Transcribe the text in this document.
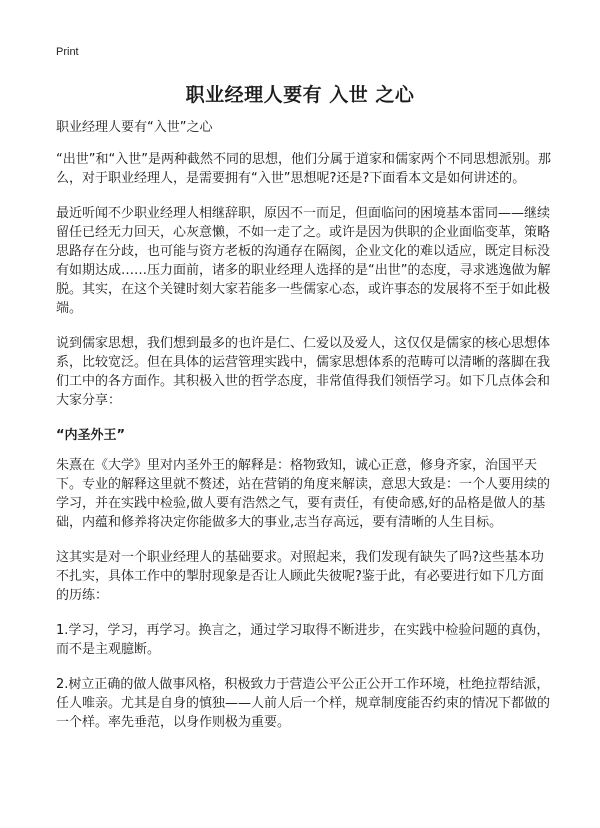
Print
职业经理人要有 入世 之心

职业经理人要有“入世”之心

“出世”和“入世”是两种截然不同的思想，他们分属于道家和儒家两个不同思想派别。那么，对于职业经理人，是需要拥有“入世”思想呢?还是?下面看本文是如何讲述的。

最近听闻不少职业经理人相继辞职，原因不一而足，但面临问的困境基本雷同——继续留任已经无力回天，心灰意懒，不如一走了之。或许是因为供职的企业面临变革，策略思路存在分歧，也可能与资方老板的沟通存在隔阂，企业文化的难以适应，既定目标没有如期达成……压力面前，诸多的职业经理人选择的是“出世”的态度，寻求逃逸做为解脱。其实，在这个关键时刻大家若能多一些儒家心态，或许事态的发展将不至于如此极端。

说到儒家思想，我们想到最多的也许是仁、仁爱以及爱人，这仅仅是儒家的核心思想体系，比较宽泛。但在具体的运营管理实践中，儒家思想体系的范畴可以清晰的落脚在我们工中的各方面作。其积极入世的哲学态度，非常值得我们领悟学习。如下几点体会和大家分享：

“内圣外王”

朱熹在《大学》里对内圣外王的解释是：格物致知，诚心正意，修身齐家，治国平天下。专业的解释这里就不赘述，站在营销的角度来解读，意思大致是：一个人要用续的学习，并在实践中检验,做人要有浩然之气，要有责任，有使命感,好的品格是做人的基础，内蕴和修养将决定你能做多大的事业,志当存高远，要有清晰的人生目标。

这其实是对一个职业经理人的基础要求。对照起来，我们发现有缺失了吗?这些基本功不扎实，具体工作中的掣肘现象是否让人顾此失彼呢?鉴于此，有必要进行如下几方面的历练：

1.学习，学习，再学习。换言之，通过学习取得不断进步，在实践中检验问题的真伪，而不是主观臆断。

2.树立正确的做人做事风格，积极致力于营造公平公正公开工作环境，杜绝拉帮结派，任人唯亲。尤其是自身的慎独——人前人后一个样，规章制度能否约束的情况下都做的一个样。率先垂范，以身作则极为重要。
